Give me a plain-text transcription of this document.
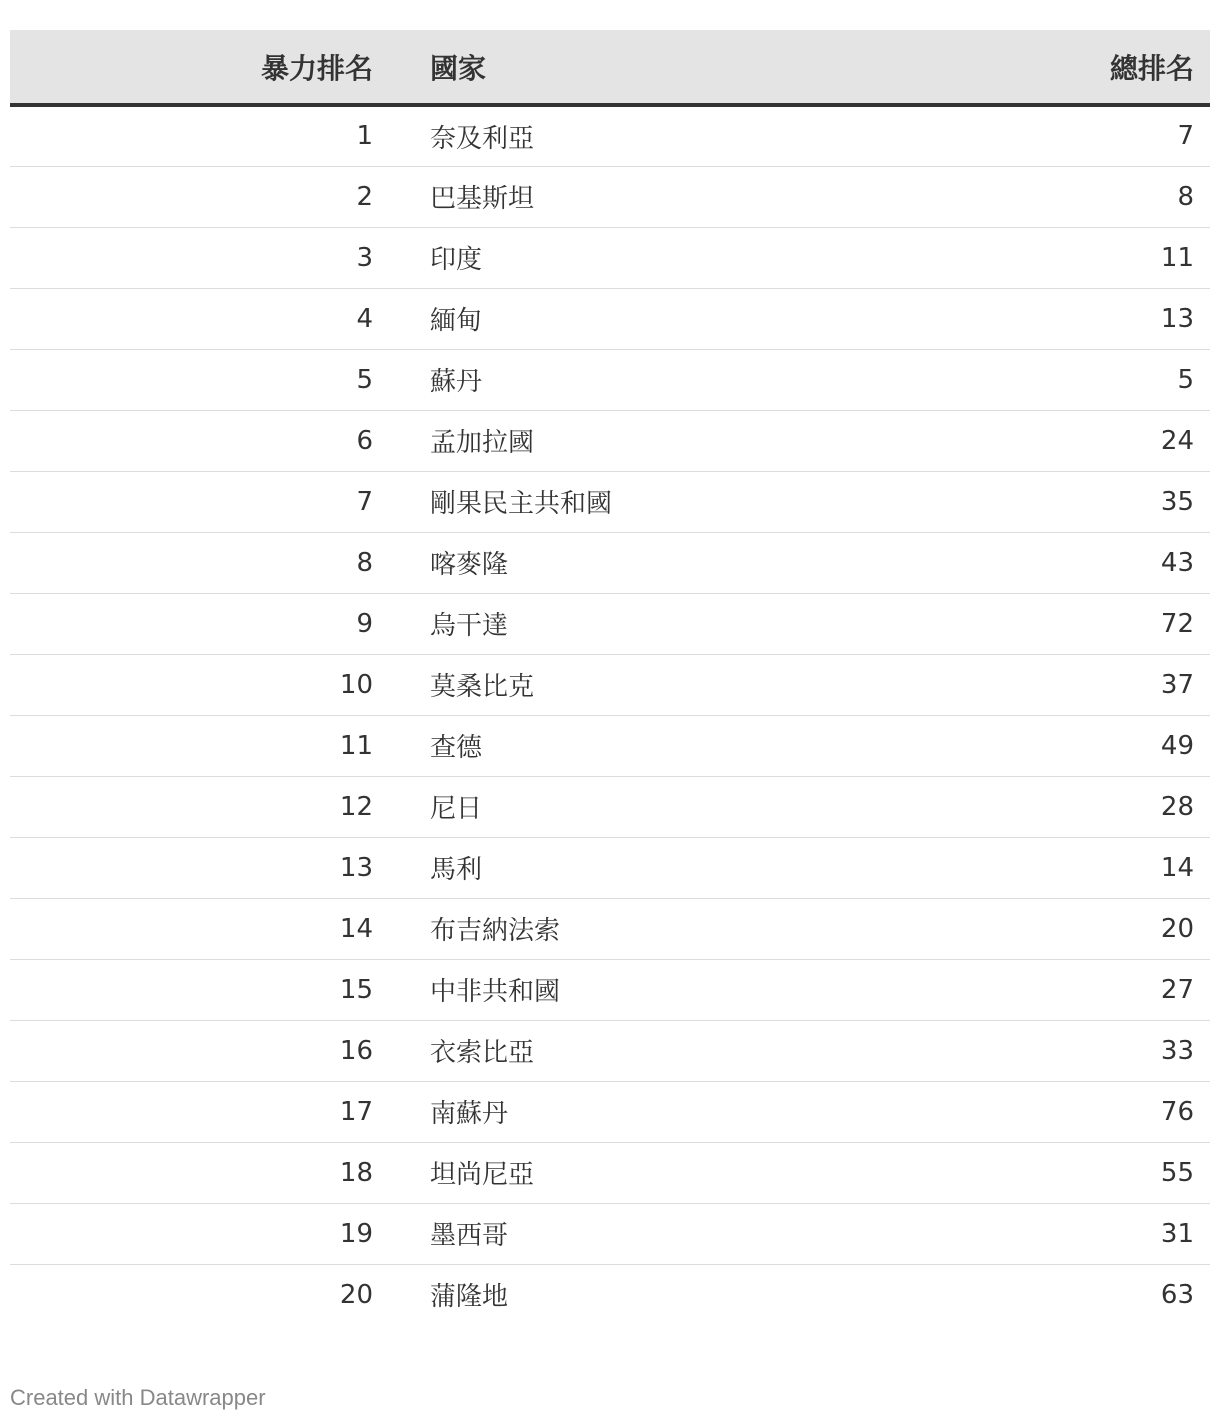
暴力排名		國家	總排名
1		奈及利亞	7
2		巴基斯坦	8
3		印度	11
4		緬甸	13
5		蘇丹	5
6		孟加拉國	24
7		剛果民主共和國	35
8		喀麥隆	43
9		烏干達	72
10		莫桑比克	37
11		查德	49
12		尼日	28
13		馬利	14
14		布吉納法索	20
15		中非共和國	27
16		衣索比亞	33
17		南蘇丹	76
18		坦尚尼亞	55
19		墨西哥	31
20		蒲隆地	63
Created with Datawrapper
